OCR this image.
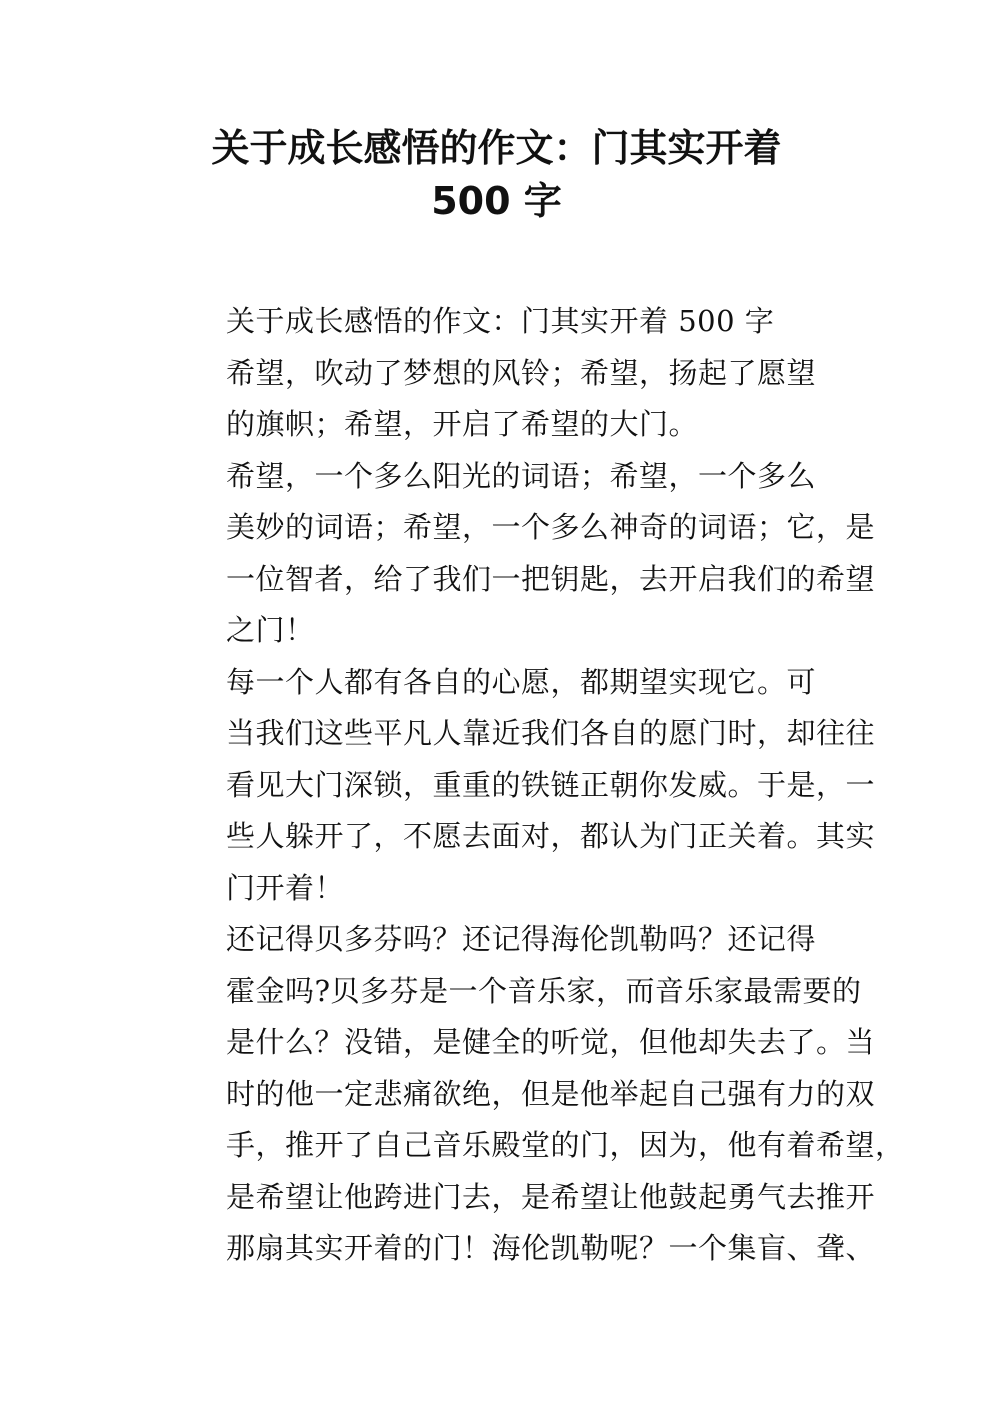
关于成长感悟的作文：门其实开着
500 字

关于成长感悟的作文：门其实开着 500 字

希望，吹动了梦想的风铃；希望，扬起了愿望
的旗帜；希望，开启了希望的大门。

希望，一个多么阳光的词语；希望，一个多么
美妙的词语；希望，一个多么神奇的词语；它，是
一位智者，给了我们一把钥匙，去开启我们的希望
之门！

每一个人都有各自的心愿，都期望实现它。可
当我们这些平凡人靠近我们各自的愿门时，却往往
看见大门深锁，重重的铁链正朝你发威。于是，一
些人躲开了，不愿去面对，都认为门正关着。其实
门开着！

还记得贝多芬吗？还记得海伦凯勒吗？还记得
霍金吗?贝多芬是一个音乐家，而音乐家最需要的
是什么？没错，是健全的听觉，但他却失去了。当
时的他一定悲痛欲绝，但是他举起自己强有力的双
手，推开了自己音乐殿堂的门，因为，他有着希望，
是希望让他跨进门去，是希望让他鼓起勇气去推开
那扇其实开着的门！海伦凯勒呢？一个集盲、聋、
